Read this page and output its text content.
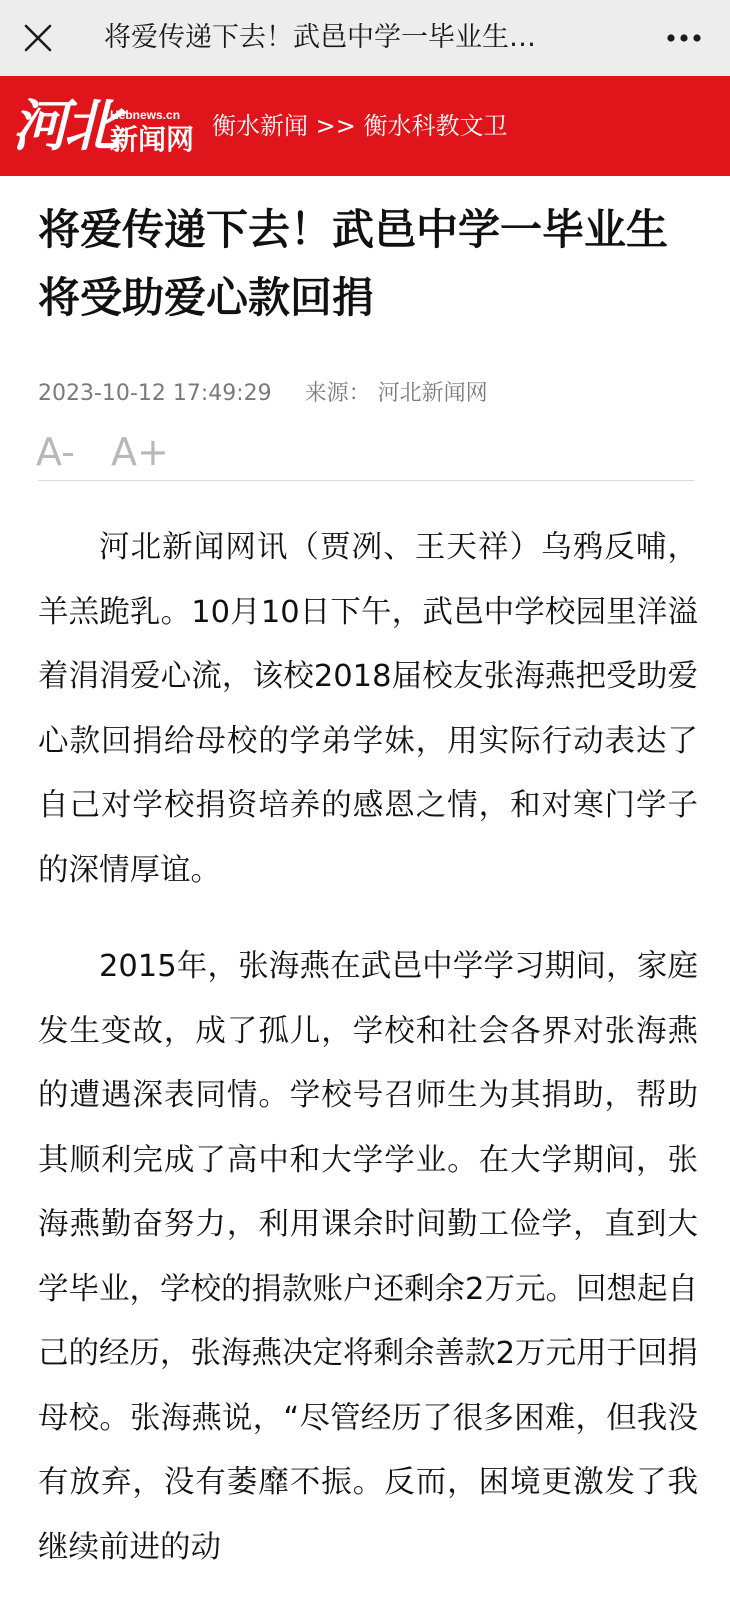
将爱传递下去！武邑中学一毕业生…
河北
Hebnews.cn
新闻网 衡水新闻 >> 衡水科教文卫
将爱传递下去！武邑中学一毕业生将受助爱心款回捐
2023-10-12 17:49:29 来源： 河北新闻网
A- A+

河北新闻网讯（贾冽、王天祥）乌鸦反哺，羊羔跪乳。10月10日下午，武邑中学校园里洋溢着涓涓爱心流，该校2018届校友张海燕把受助爱心款回捐给母校的学弟学妹，用实际行动表达了自己对学校捐资培养的感恩之情，和对寒门学子的深情厚谊。

2015年，张海燕在武邑中学学习期间，家庭发生变故，成了孤儿，学校和社会各界对张海燕的遭遇深表同情。学校号召师生为其捐助，帮助其顺利完成了高中和大学学业。在大学期间，张海燕勤奋努力，利用课余时间勤工俭学，直到大学毕业，学校的捐款账户还剩余2万元。回想起自己的经历，张海燕决定将剩余善款2万元用于回捐母校。张海燕说，“尽管经历了很多困难，但我没有放弃，没有萎靡不振。反而，困境更激发了我继续前进的动
